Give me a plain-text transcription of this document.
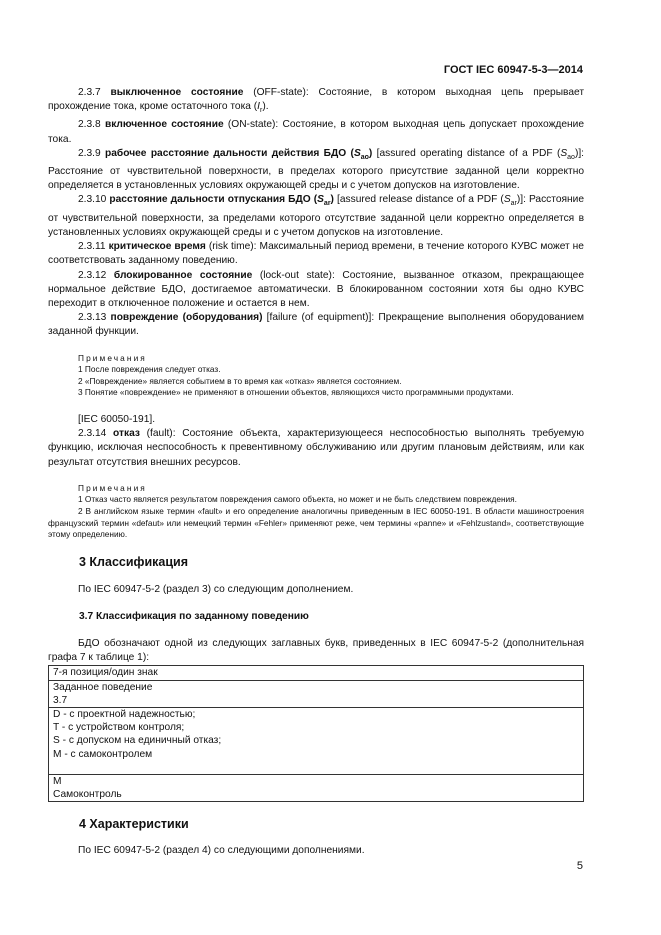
ГОСТ IEC 60947-5-3—2014

2.3.7 выключенное состояние (OFF-state): Состояние, в котором выходная цепь прерывает прохождение тока, кроме остаточного тока $(I_r)$.

2.3.8 включенное состояние (ON-state): Состояние, в котором выходная цепь допускает прохождение тока.

2.3.9 рабочее расстояние дальности действия БДО $(S_{ao})$ [assured operating distance of a PDF $(S_{ao})$]: Расстояние от чувствительной поверхности, в пределах которого присутствие заданной цели корректно определяется в установленных условиях окружающей среды и с учетом допусков на изготовление.

2.3.10 расстояние дальности отпускания БДО $(S_{ar})$ [assured release distance of a PDF $(S_{ar})$]: Расстояние от чувствительной поверхности, за пределами которого отсутствие заданной цели корректно определяется в установленных условиях окружающей среды и с учетом допусков на изготовление.

2.3.11 критическое время (risk time): Максимальный период времени, в течение которого КУВС может не соответствовать заданному поведению.

2.3.12 блокированное состояние (lock-out state): Состояние, вызванное отказом, прекращающее нормальное действие БДО, достигаемое автоматически. В блокированном состоянии хотя бы одно КУВС переходит в отключенное положение и остается в нем.

2.3.13 повреждение (оборудования) [failure (of equipment)]: Прекращение выполнения оборудованием заданной функции.

Примечания

1 После повреждения следует отказ.

2 «Повреждение» является событием в то время как «отказ» является состоянием.

3 Понятие «повреждение» не применяют в отношении объектов, являющихся чисто программными продуктами.

[IEC 60050-191].

2.3.14 отказ (fault): Состояние объекта, характеризующееся неспособностью выполнять требуемую функцию, исключая неспособность к превентивному обслуживанию или другим плановым действиям, или как результат отсутствия внешних ресурсов.

Примечания

1 Отказ часто является результатом повреждения самого объекта, но может и не быть следствием повреждения.

2 В английском языке термин «fault» и его определение аналогичны приведенным в IEC 60050-191. В области машиностроения французский термин «defaut» или немецкий термин «Fehler» применяют реже, чем термины «panne» и «Fehlzustand», соответствующие этому определению.

3 Классификация

По IEC 60947-5-2 (раздел 3) со следующим дополнением.

3.7 Классификация по заданному поведению

БДО обозначают одной из следующих заглавных букв, приведенных в IEC 60947-5-2 (дополнительная графа 7 к таблице 1):

7-я позиция/один знак

Заданное поведение
3.7

D - с проектной надежностью;
T - с устройством контроля;
S - с допуском на единичный отказ;
M - с самоконтролем

M
Самоконтроль
4 Характеристики

По IEC 60947-5-2 (раздел 4) со следующими дополнениями.

5
